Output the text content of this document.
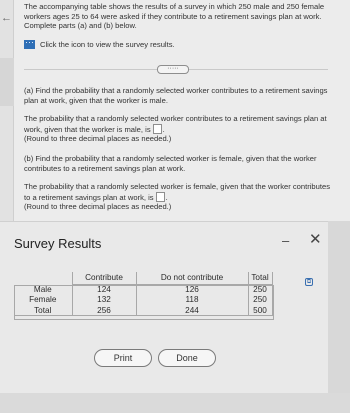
←

The accompanying table shows the results of a survey in which 250 male and 250 female workers ages 25 to 64 were asked if they contribute to a retirement savings plan at work. Complete parts (a) and (b) below.

Click the icon to view the survey results.
·····

(a) Find the probability that a randomly selected worker contributes to a retirement savings plan at work, given that the worker is male.

The probability that a randomly selected worker contributes to a retirement savings plan at work, given that the worker is male, is .

(Round to three decimal places as needed.)

(b) Find the probability that a randomly selected worker is female, given that the worker contributes to a retirement savings plan at work.

The probability that a randomly selected worker is female, given that the worker contributes to a retirement savings plan at work, is .

(Round to three decimal places as needed.)

Survey Results	– ✕
	Contribute	Do not contribute	Total
Male	124	126	250
Female	132	118	250
Total	256	244	500
⧉
Print	Done
